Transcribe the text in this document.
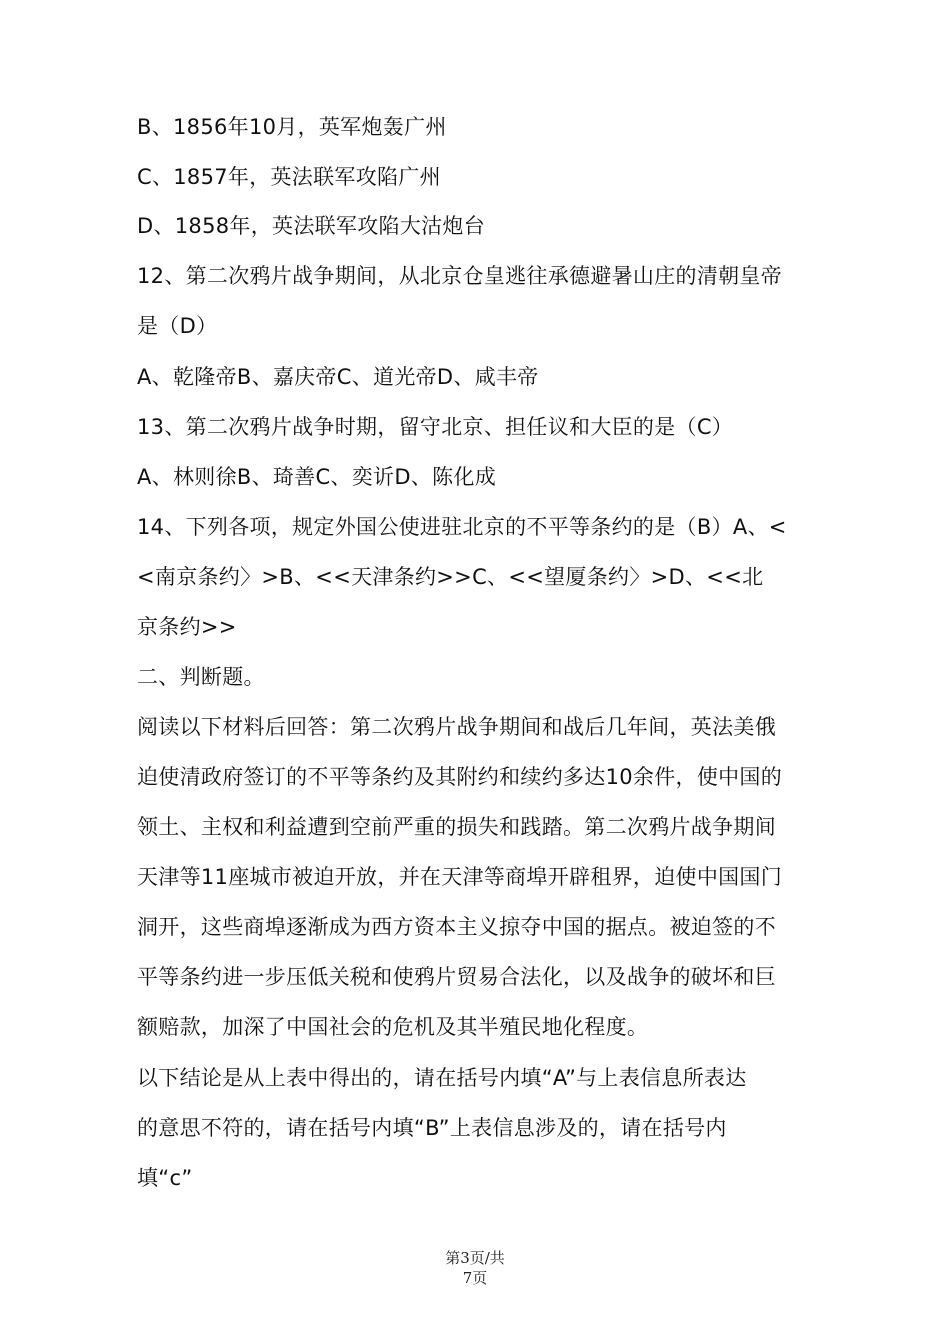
B、1856年10月，英军炮轰广州
C、1857年，英法联军攻陷广州
D、1858年，英法联军攻陷大沽炮台
12、第二次鸦片战争期间，从北京仓皇逃往承德避暑山庄的清朝皇帝
是（D）
A、乾隆帝B、嘉庆帝C、道光帝D、咸丰帝
13、第二次鸦片战争时期，留守北京、担任议和大臣的是（C）
A、林则徐B、琦善C、奕䜣D、陈化成
14、下列各项，规定外国公使进驻北京的不平等条约的是（B）A、<
<南京条约〉>B、<<天津条约>>C、<<望厦条约〉>D、<<北
京条约>>
二、判断题。
阅读以下材料后回答：第二次鸦片战争期间和战后几年间，英法美俄
迫使清政府签订的不平等条约及其附约和续约多达10余件，使中国的
领土、主权和利益遭到空前严重的损失和践踏。第二次鸦片战争期间
天津等11座城市被迫开放，并在天津等商埠开辟租界，迫使中国国门
洞开，这些商埠逐渐成为西方资本主义掠夺中国的据点。被迫签的不
平等条约进一步压低关税和使鸦片贸易合法化，以及战争的破坏和巨
额赔款，加深了中国社会的危机及其半殖民地化程度。
以下结论是从上表中得出的，请在括号内填“A”与上表信息所表达
的意思不符的，请在括号内填“B”上表信息涉及的，请在括号内
填“c”
第3页/共
7页
